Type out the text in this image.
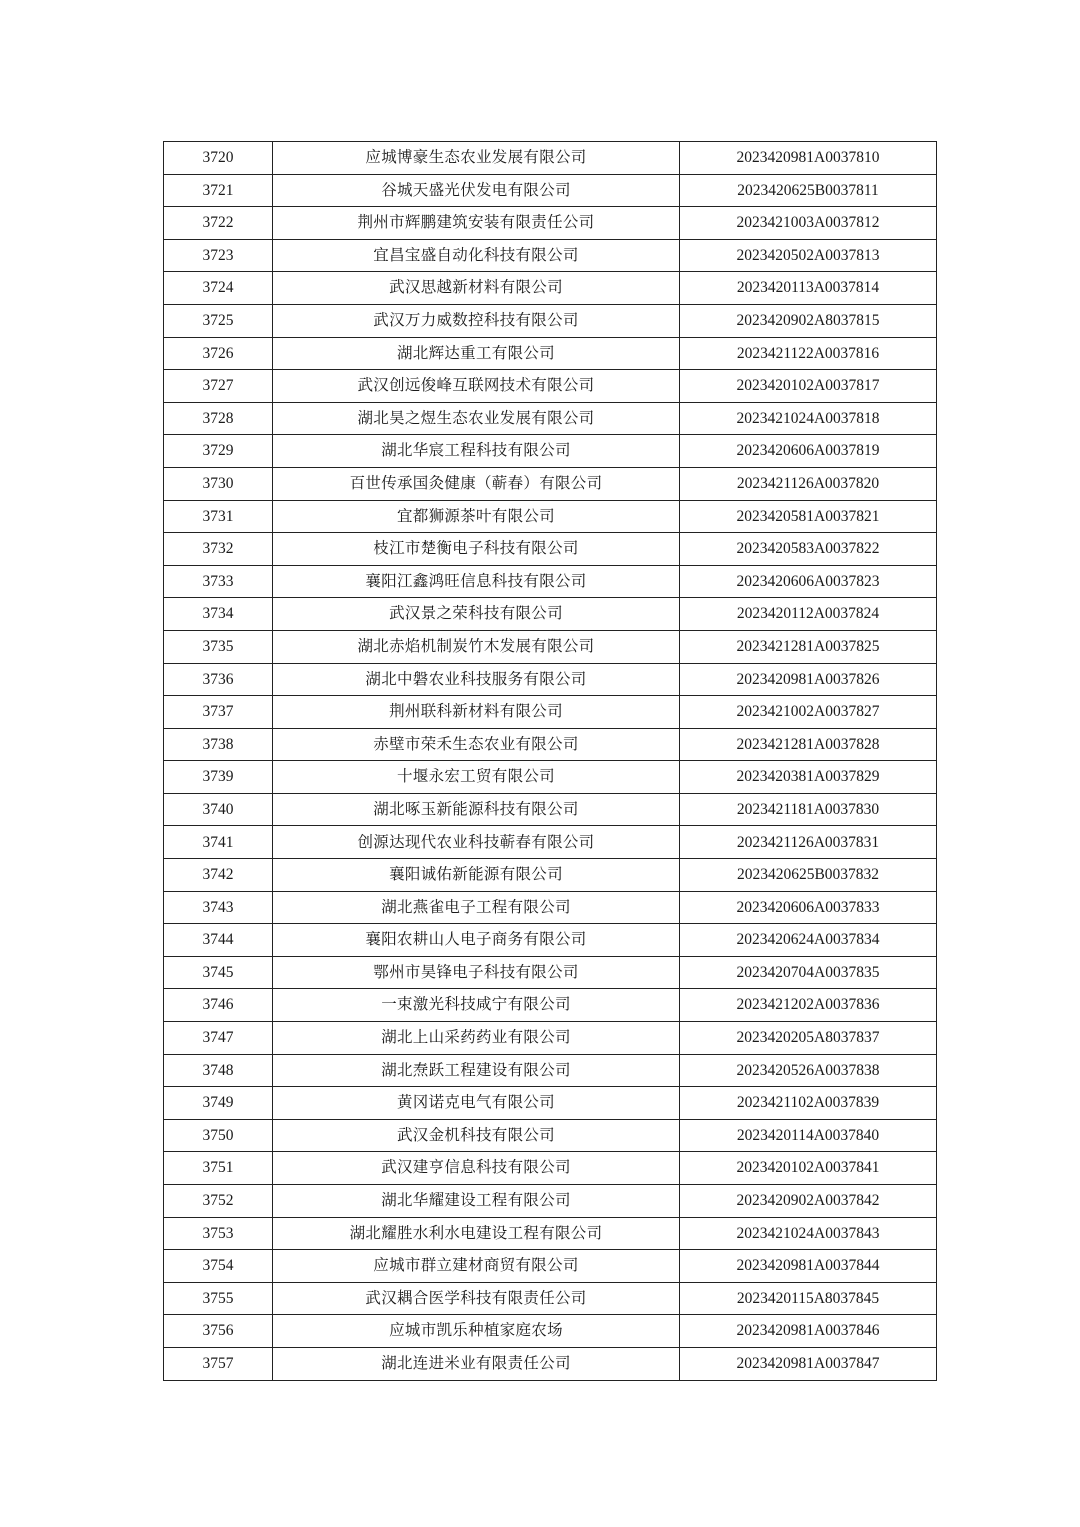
3720	应城博豪生态农业发展有限公司	2023420981A0037810
3721	谷城天盛光伏发电有限公司	2023420625B0037811
3722	荆州市辉鹏建筑安装有限责任公司	2023421003A0037812
3723	宜昌宝盛自动化科技有限公司	2023420502A0037813
3724	武汉思越新材料有限公司	2023420113A0037814
3725	武汉万力威数控科技有限公司	2023420902A8037815
3726	湖北辉达重工有限公司	2023421122A0037816
3727	武汉创远俊峰互联网技术有限公司	2023420102A0037817
3728	湖北昊之煜生态农业发展有限公司	2023421024A0037818
3729	湖北华宸工程科技有限公司	2023420606A0037819
3730	百世传承国灸健康（蕲春）有限公司	2023421126A0037820
3731	宜都狮源茶叶有限公司	2023420581A0037821
3732	枝江市楚衡电子科技有限公司	2023420583A0037822
3733	襄阳江鑫鸿旺信息科技有限公司	2023420606A0037823
3734	武汉景之荣科技有限公司	2023420112A0037824
3735	湖北赤焰机制炭竹木发展有限公司	2023421281A0037825
3736	湖北中磐农业科技服务有限公司	2023420981A0037826
3737	荆州联科新材料有限公司	2023421002A0037827
3738	赤壁市荣禾生态农业有限公司	2023421281A0037828
3739	十堰永宏工贸有限公司	2023420381A0037829
3740	湖北啄玉新能源科技有限公司	2023421181A0037830
3741	创源达现代农业科技蕲春有限公司	2023421126A0037831
3742	襄阳诚佑新能源有限公司	2023420625B0037832
3743	湖北燕雀电子工程有限公司	2023420606A0037833
3744	襄阳农耕山人电子商务有限公司	2023420624A0037834
3745	鄂州市昊锋电子科技有限公司	2023420704A0037835
3746	一束激光科技咸宁有限公司	2023421202A0037836
3747	湖北上山采药药业有限公司	2023420205A8037837
3748	湖北焘跃工程建设有限公司	2023420526A0037838
3749	黄冈诺克电气有限公司	2023421102A0037839
3750	武汉金机科技有限公司	2023420114A0037840
3751	武汉建亨信息科技有限公司	2023420102A0037841
3752	湖北华耀建设工程有限公司	2023420902A0037842
3753	湖北耀胜水利水电建设工程有限公司	2023421024A0037843
3754	应城市群立建材商贸有限公司	2023420981A0037844
3755	武汉耦合医学科技有限责任公司	2023420115A8037845
3756	应城市凯乐种植家庭农场	2023420981A0037846
3757	湖北连进米业有限责任公司	2023420981A0037847
